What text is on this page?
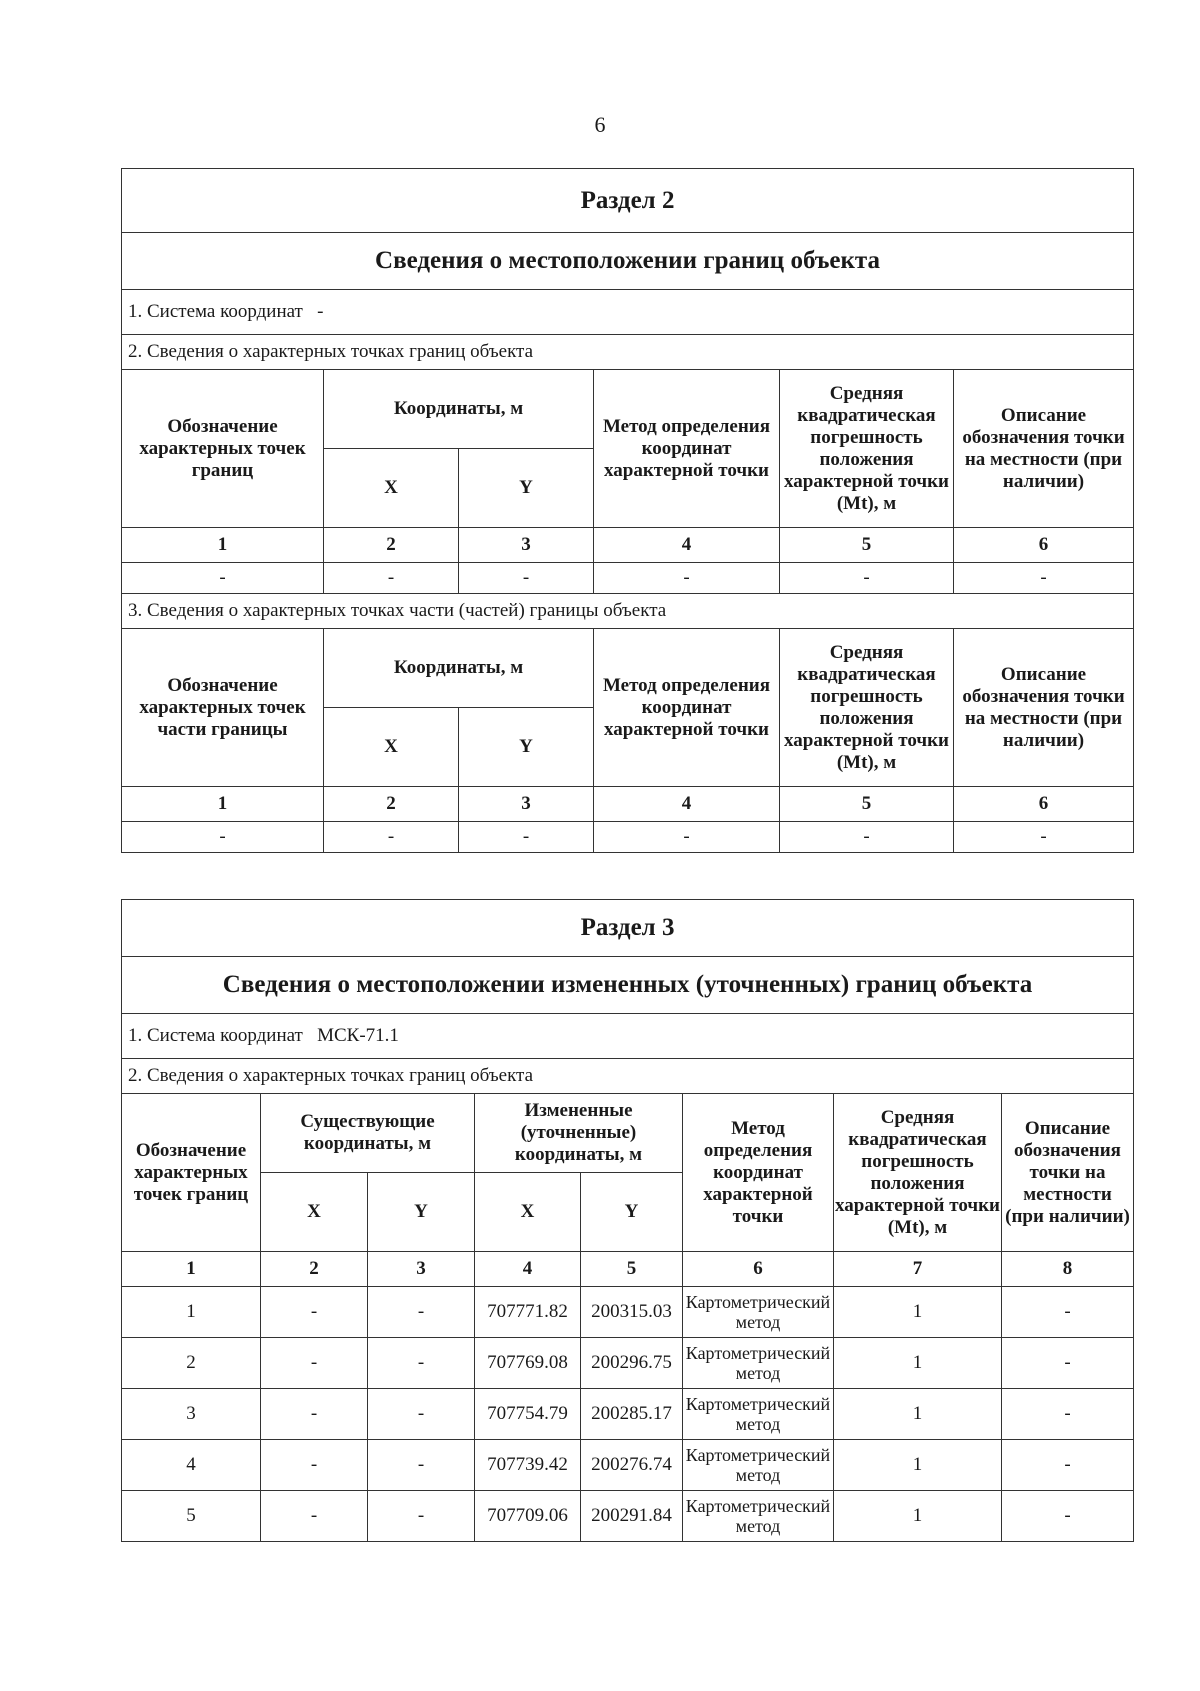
6
Раздел 2					
Сведения о местоположении границ объекта					
1. Система координат -					
2. Сведения о характерных точках границ объекта					
Обозначение характерных точек границ	Координаты, м		Метод определения координат характерной точки	Средняя квадратическая погрешность положения характерной точки (Mt), м	Описание обозначения точки на местности (при наличии)
	X	Y			
1	2	3	4	5	6
-	-	-	-	-	-
3. Сведения о характерных точках части (частей) границы объекта					
Обозначение характерных точек части границы	Координаты, м		Метод определения координат характерной точки	Средняя квадратическая погрешность положения характерной точки (Mt), м	Описание обозначения точки на местности (при наличии)
	X	Y			
1	2	3	4	5	6
-	-	-	-	-	-
Раздел 3							
Сведения о местоположении измененных (уточненных) границ объекта							
1. Система координат МСК-71.1							
2. Сведения о характерных точках границ объекта							
Обозначение характерных точек границ	Существующие координаты, м		Измененные (уточненные) координаты, м		Метод определения координат характерной точки	Средняя квадратическая погрешность положения характерной точки (Mt), м	Описание обозначения точки на местности (при наличии)
	X	Y	X	Y			
1	2	3	4	5	6	7	8
1	-	-	707771.82	200315.03	Картометрический метод	1	-
2	-	-	707769.08	200296.75	Картометрический метод	1	-
3	-	-	707754.79	200285.17	Картометрический метод	1	-
4	-	-	707739.42	200276.74	Картометрический метод	1	-
5	-	-	707709.06	200291.84	Картометрический метод	1	-
